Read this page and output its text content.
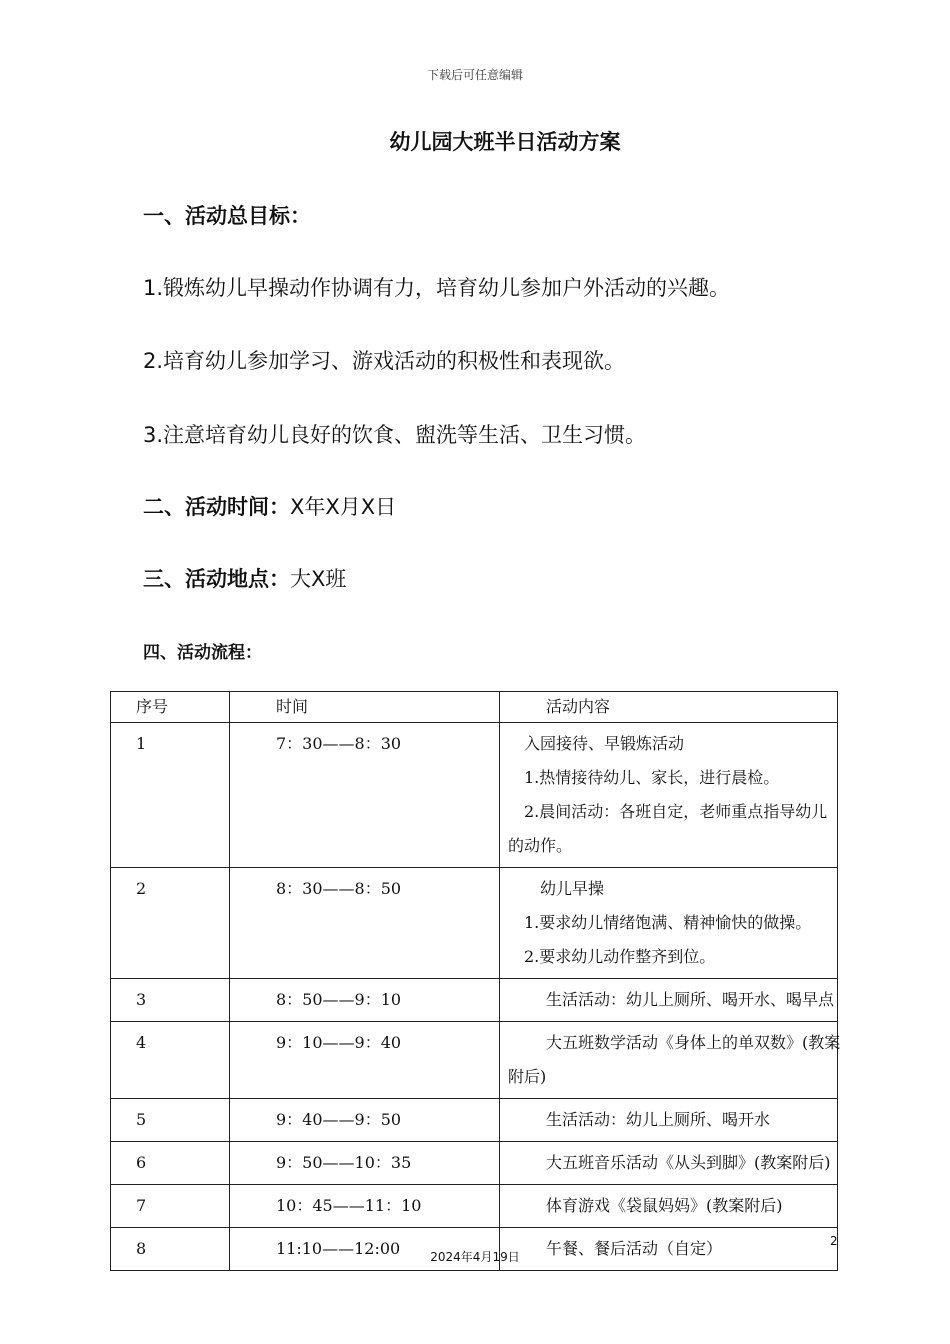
下载后可任意编辑
幼儿园大班半日活动方案
一、活动总目标：
1.锻炼幼儿早操动作协调有力，培育幼儿参加户外活动的兴趣。
2.培育幼儿参加学习、游戏活动的积极性和表现欲。
3.注意培育幼儿良好的饮食、盥洗等生活、卫生习惯。
二、活动时间：X年X月X日
三、活动地点：大X班
四、活动流程：
序号	时间	活动内容
1	7：30——8：30	入园接待、早锻炼活动
1.热情接待幼儿、家长，进行晨检。
2.晨间活动：各班自定，老师重点指导幼儿
的动作。

2	8：30——8：50	幼儿早操
1.要求幼儿情绪饱满、精神愉快的做操。
2.要求幼儿动作整齐到位。

3	8：50——9：10	生活活动：幼儿上厕所、喝开水、喝早点

4	9：10——9：40	大五班数学活动《身体上的单双数》(教案
附后)

5	9：40——9：50	生活活动：幼儿上厕所、喝开水

6	9：50——10：35	大五班音乐活动《从头到脚》(教案附后)

7	10：45——11：10	体育游戏《袋鼠妈妈》(教案附后)

8	11:10——12:00	午餐、餐后活动（自定）	2
2024年4月19日
